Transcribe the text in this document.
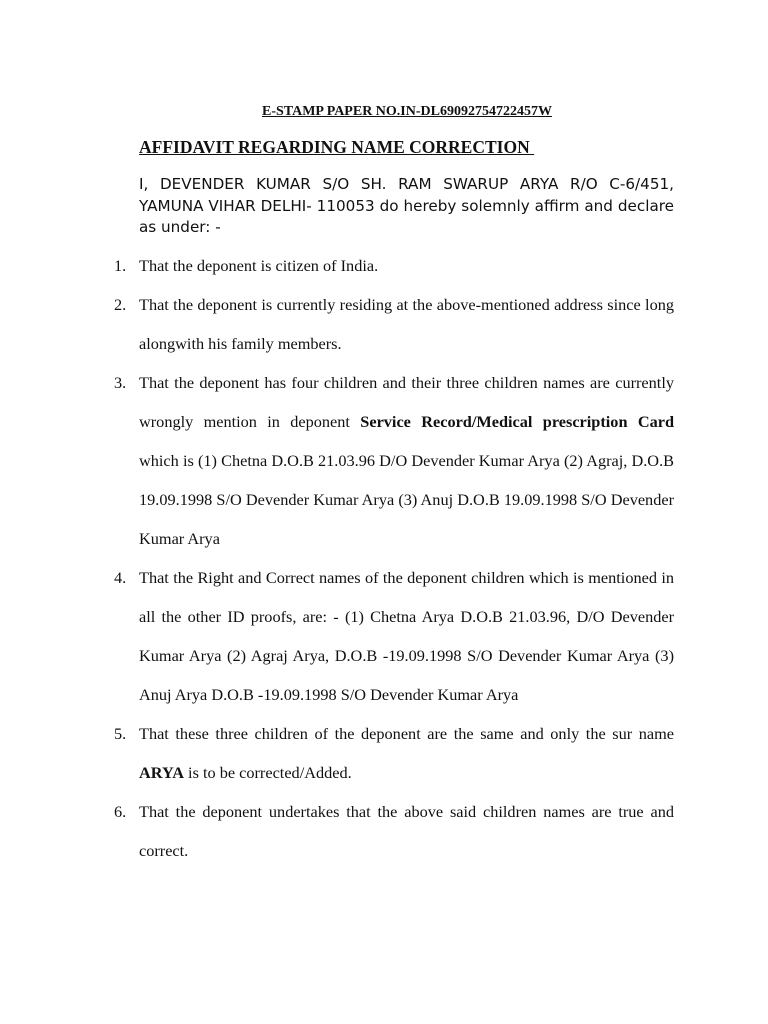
E-STAMP PAPER NO.IN-DL69092754722457W
AFFIDAVIT REGARDING NAME CORRECTION
I, DEVENDER KUMAR S/O SH. RAM SWARUP ARYA R/O C-6/451, YAMUNA VIHAR DELHI- 110053 do hereby solemnly affirm and declare as under: -
1. That the deponent is citizen of India.
2. That the deponent is currently residing at the above-mentioned address since long alongwith his family members.
3. That the deponent has four children and their three children names are currently wrongly mention in deponent Service Record/Medical prescription Card which is (1) Chetna D.O.B 21.03.96 D/O Devender Kumar Arya (2) Agraj, D.O.B 19.09.1998 S/O Devender Kumar Arya (3) Anuj D.O.B 19.09.1998 S/O Devender Kumar Arya
4. That the Right and Correct names of the deponent children which is mentioned in all the other ID proofs, are: - (1) Chetna Arya D.O.B 21.03.96, D/O Devender Kumar Arya (2) Agraj Arya, D.O.B -19.09.1998 S/O Devender Kumar Arya (3) Anuj Arya D.O.B -19.09.1998 S/O Devender Kumar Arya
5. That these three children of the deponent are the same and only the sur name ARYA is to be corrected/Added.
6. That the deponent undertakes that the above said children names are true and correct.
